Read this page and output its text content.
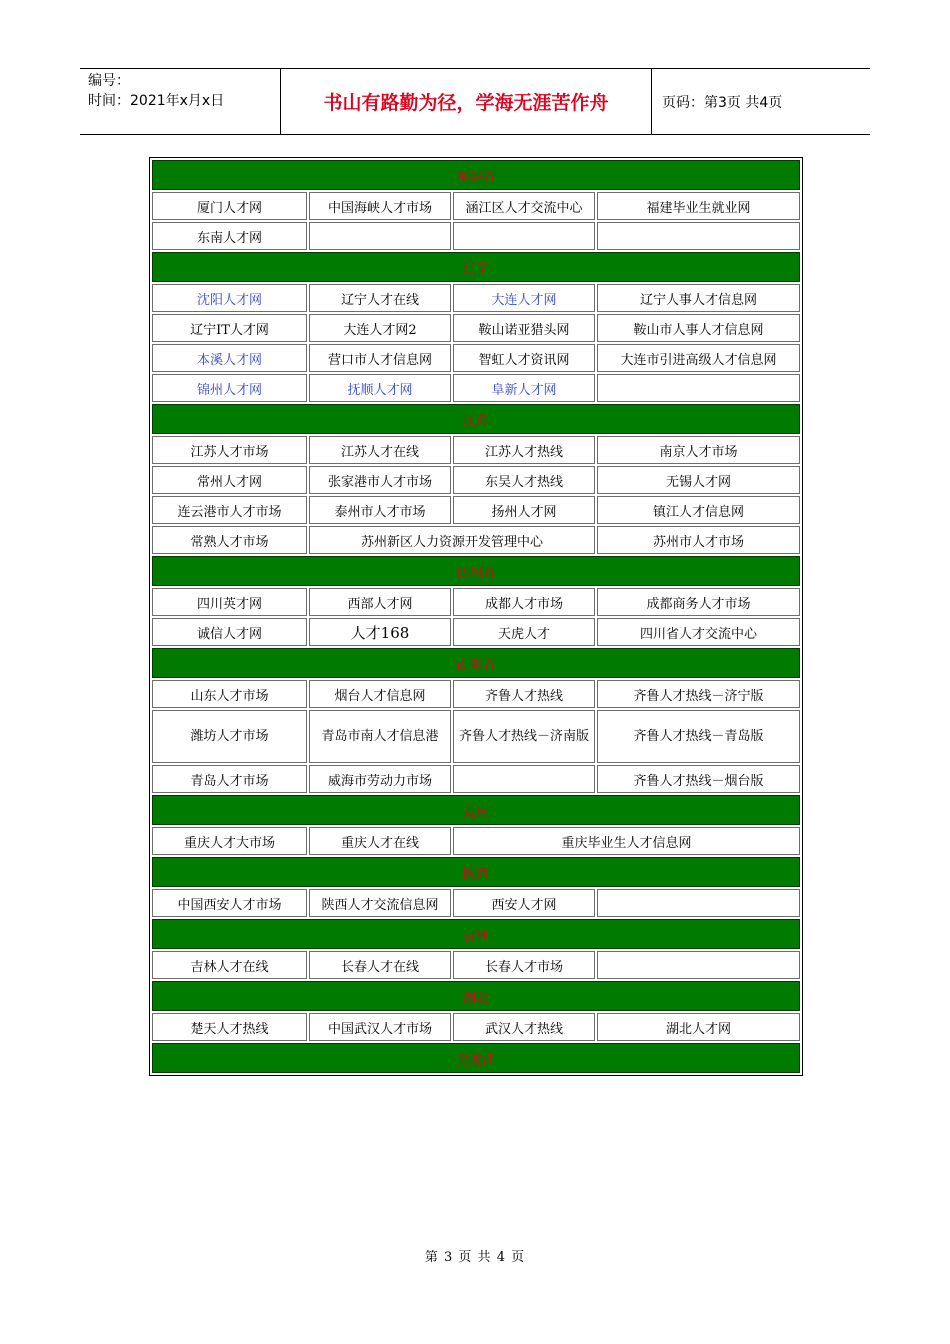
编号：
时间：2021年x月x日	书山有路勤为径，学海无涯苦作舟	页码：第3页 共4页
福建省			
厦门人才网	中国海峡人才市场	涵江区人才交流中心	福建毕业生就业网
东南人才网			
辽宁			
沈阳人才网	辽宁人才在线	大连人才网	辽宁人事人才信息网
辽宁IT人才网	大连人才网2	鞍山诺亚猎头网	鞍山市人事人才信息网
本溪人才网	营口市人才信息网	智虹人才资讯网	大连市引进高级人才信息网
锦州人才网	抚顺人才网	阜新人才网	
江苏			
江苏人才市场	江苏人才在线	江苏人才热线	南京人才市场
常州人才网	张家港市人才市场	东吴人才热线	无锡人才网
连云港市人才市场	泰州市人才市场	扬州人才网	镇江人才信息网
常熟人才市场	苏州新区人力资源开发管理中心		苏州市人才市场
四川省			
四川英才网	西部人才网	成都人才市场	成都商务人才市场
诚信人才网	人才168	天虎人才	四川省人才交流中心
山东省			
山东人才市场	烟台人才信息网	齐鲁人才热线	齐鲁人才热线－济宁版
潍坊人才市场	青岛市南人才信息港	齐鲁人才热线－济南版	齐鲁人才热线－青岛版
青岛人才市场	威海市劳动力市场		齐鲁人才热线－烟台版
重庆			
重庆人才大市场	重庆人才在线	重庆毕业生人才信息网	
陕西			
中国西安人才市场	陕西人才交流信息网	西安人才网	
吉林			
吉林人才在线	长春人才在线	长春人才市场	
湖北			
楚天人才热线	中国武汉人才市场	武汉人才热线	湖北人才网
黑龙江			
第 3 页 共 4 页
